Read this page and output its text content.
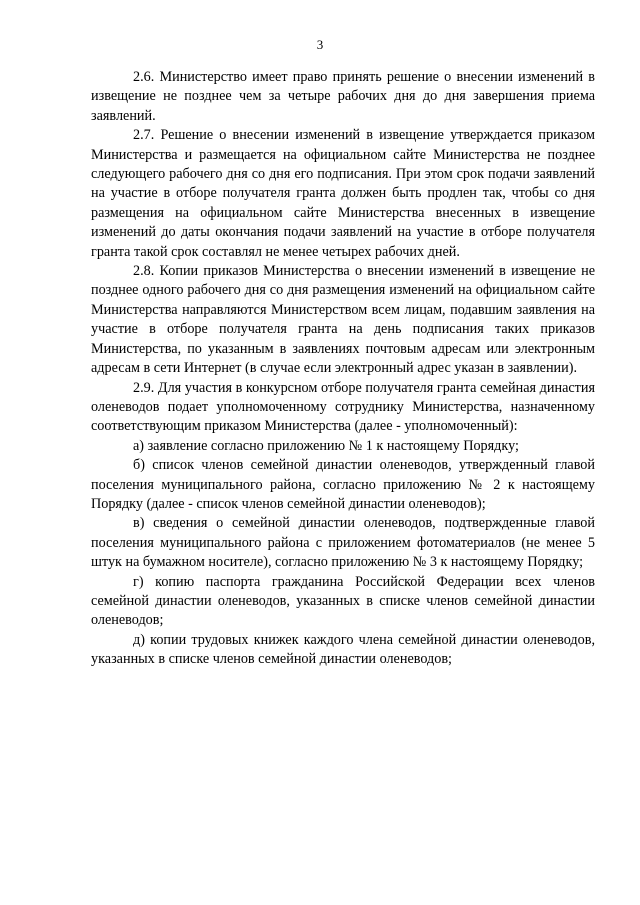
3

2.6. Министерство имеет право принять решение о внесении изменений в извещение не позднее чем за четыре рабочих дня до дня завершения приема заявлений.

2.7. Решение о внесении изменений в извещение утверждается приказом Министерства и размещается на официальном сайте Министерства не позднее следующего рабочего дня со дня его подписания. При этом срок подачи заявлений на участие в отборе получателя гранта должен быть продлен так, чтобы со дня размещения на официальном сайте Министерства внесенных в извещение изменений до даты окончания подачи заявлений на участие в отборе получателя гранта такой срок составлял не менее четырех рабочих дней.

2.8. Копии приказов Министерства о внесении изменений в извещение не позднее одного рабочего дня со дня размещения изменений на официальном сайте Министерства направляются Министерством всем лицам, подавшим заявления на участие в отборе получателя гранта на день подписания таких приказов Министерства, по указанным в заявлениях почтовым адресам или электронным адресам в сети Интернет (в случае если электронный адрес указан в заявлении).

2.9. Для участия в конкурсном отборе получателя гранта семейная династия оленеводов подает уполномоченному сотруднику Министерства, назначенному соответствующим приказом Министерства (далее - уполномоченный):

а) заявление согласно приложению № 1 к настоящему Порядку;

б) список членов семейной династии оленеводов, утвержденный главой поселения муниципального района, согласно приложению № 2 к настоящему Порядку (далее - список членов семейной династии оленеводов);

в) сведения о семейной династии оленеводов, подтвержденные главой поселения муниципального района с приложением фотоматериалов (не менее 5 штук на бумажном носителе), согласно приложению № 3 к настоящему Порядку;

г) копию паспорта гражданина Российской Федерации всех членов семейной династии оленеводов, указанных в списке членов семейной династии оленеводов;

д) копии трудовых книжек каждого члена семейной династии оленеводов, указанных в списке членов семейной династии оленеводов;
